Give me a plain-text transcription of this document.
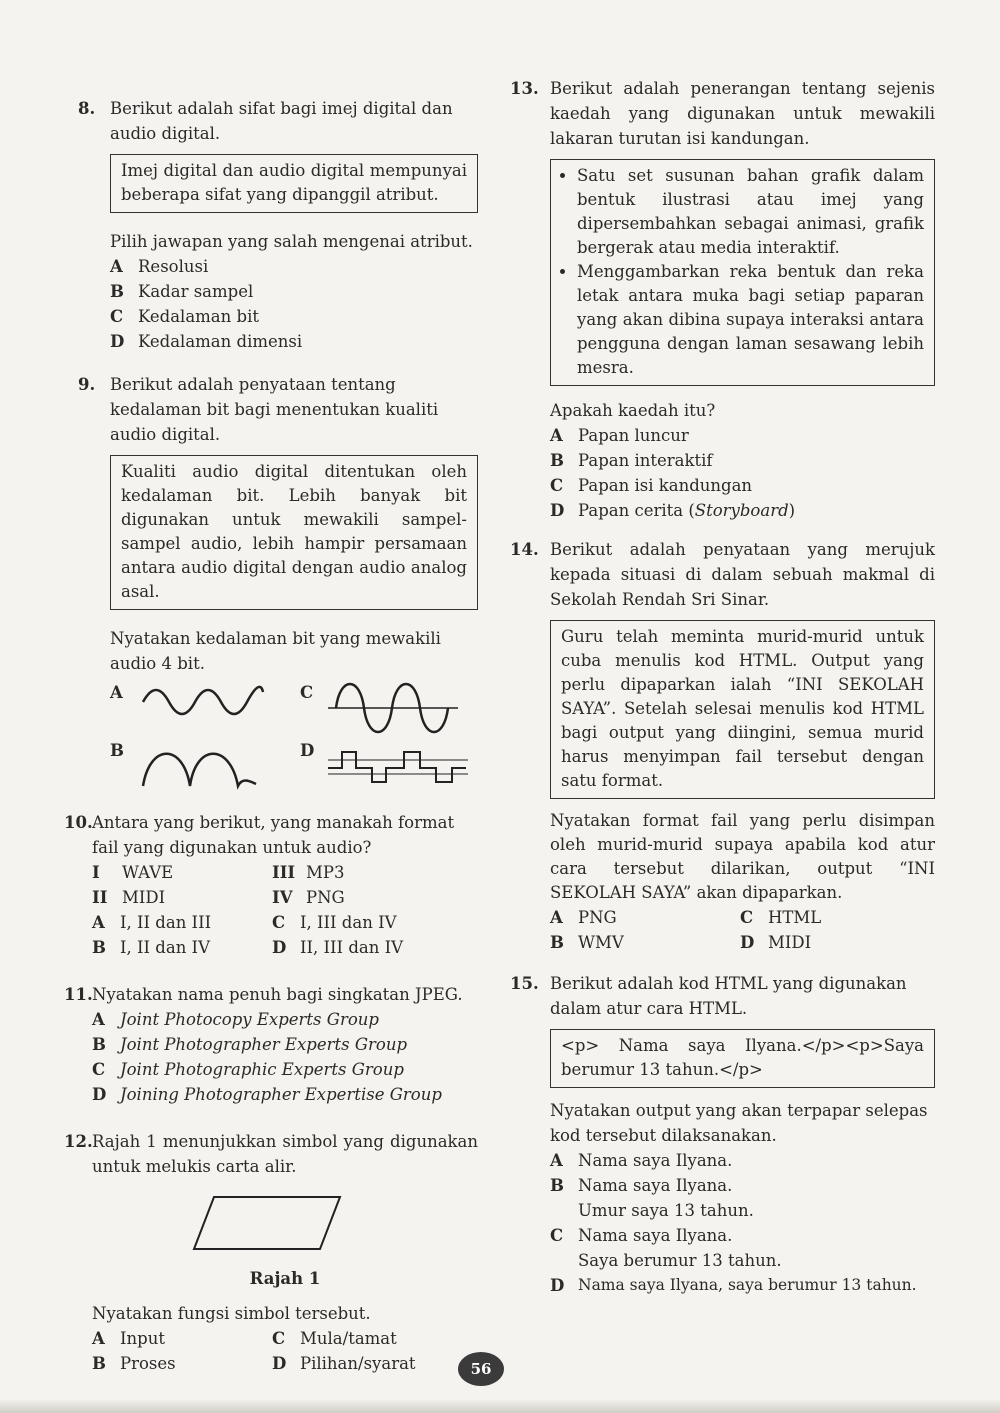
8. Berikut adalah sifat bagi imej digital dan audio digital.
Imej digital dan audio digital mempunyai beberapa sifat yang dipanggil atribut.
Pilih jawapan yang salah mengenai atribut.
A Resolusi
B Kadar sampel
C Kedalaman bit
D Kedalaman dimensi
9. Berikut adalah penyataan tentang kedalaman bit bagi menentukan kualiti audio digital.
Kualiti audio digital ditentukan oleh kedalaman bit. Lebih banyak bit digunakan untuk mewakili sampel-sampel audio, lebih hampir persamaan antara audio digital dengan audio analog asal.
Nyatakan kedalaman bit yang mewakili audio 4 bit.
A	C
B	D
10. Antara yang berikut, yang manakah format fail yang digunakan untuk audio?
I	WAVE	III MP3
II MIDI	IV PNG
A I, II dan III	C I, III dan IV
B I, II dan IV	D II, III dan IV
11. Nyatakan nama penuh bagi singkatan JPEG.
A Joint Photocopy Experts Group
B Joint Photographer Experts Group
C Joint Photographic Experts Group
D Joining Photographer Expertise Group
12. Rajah 1 menunjukkan simbol yang digunakan untuk melukis carta alir.
Rajah 1
Nyatakan fungsi simbol tersebut.
A Input	C Mula/tamat
B Proses	D Pilihan/syarat
13. Berikut adalah penerangan tentang sejenis kaedah yang digunakan untuk mewakili lakaran turutan isi kandungan.
• Satu set susunan bahan grafik dalam bentuk ilustrasi atau imej yang dipersembahkan sebagai animasi, grafik bergerak atau media interaktif.
• Menggambarkan reka bentuk dan reka letak antara muka bagi setiap paparan yang akan dibina supaya interaksi antara pengguna dengan laman sesawang lebih mesra.
Apakah kaedah itu?
A Papan luncur
B Papan interaktif
C Papan isi kandungan
D Papan cerita (Storyboard)
14. Berikut adalah penyataan yang merujuk kepada situasi di dalam sebuah makmal di Sekolah Rendah Sri Sinar.
Guru telah meminta murid-murid untuk cuba menulis kod HTML. Output yang perlu dipaparkan ialah “INI SEKOLAH SAYA”. Setelah selesai menulis kod HTML bagi output yang diingini, semua murid harus menyimpan fail tersebut dengan satu format.
Nyatakan format fail yang perlu disimpan oleh murid-murid supaya apabila kod atur cara tersebut dilarikan, output “INI SEKOLAH SAYA” akan dipaparkan.
A PNG	C HTML
B WMV	D MIDI
15. Berikut adalah kod HTML yang digunakan dalam atur cara HTML.
<p> Nama saya Ilyana.</p><p>Saya berumur 13 tahun.</p>
Nyatakan output yang akan terpapar selepas kod tersebut dilaksanakan.
A Nama saya Ilyana.
B Nama saya Ilyana.
Umur saya 13 tahun.
C Nama saya Ilyana.
Saya berumur 13 tahun.
D Nama saya Ilyana, saya berumur 13 tahun.
56
